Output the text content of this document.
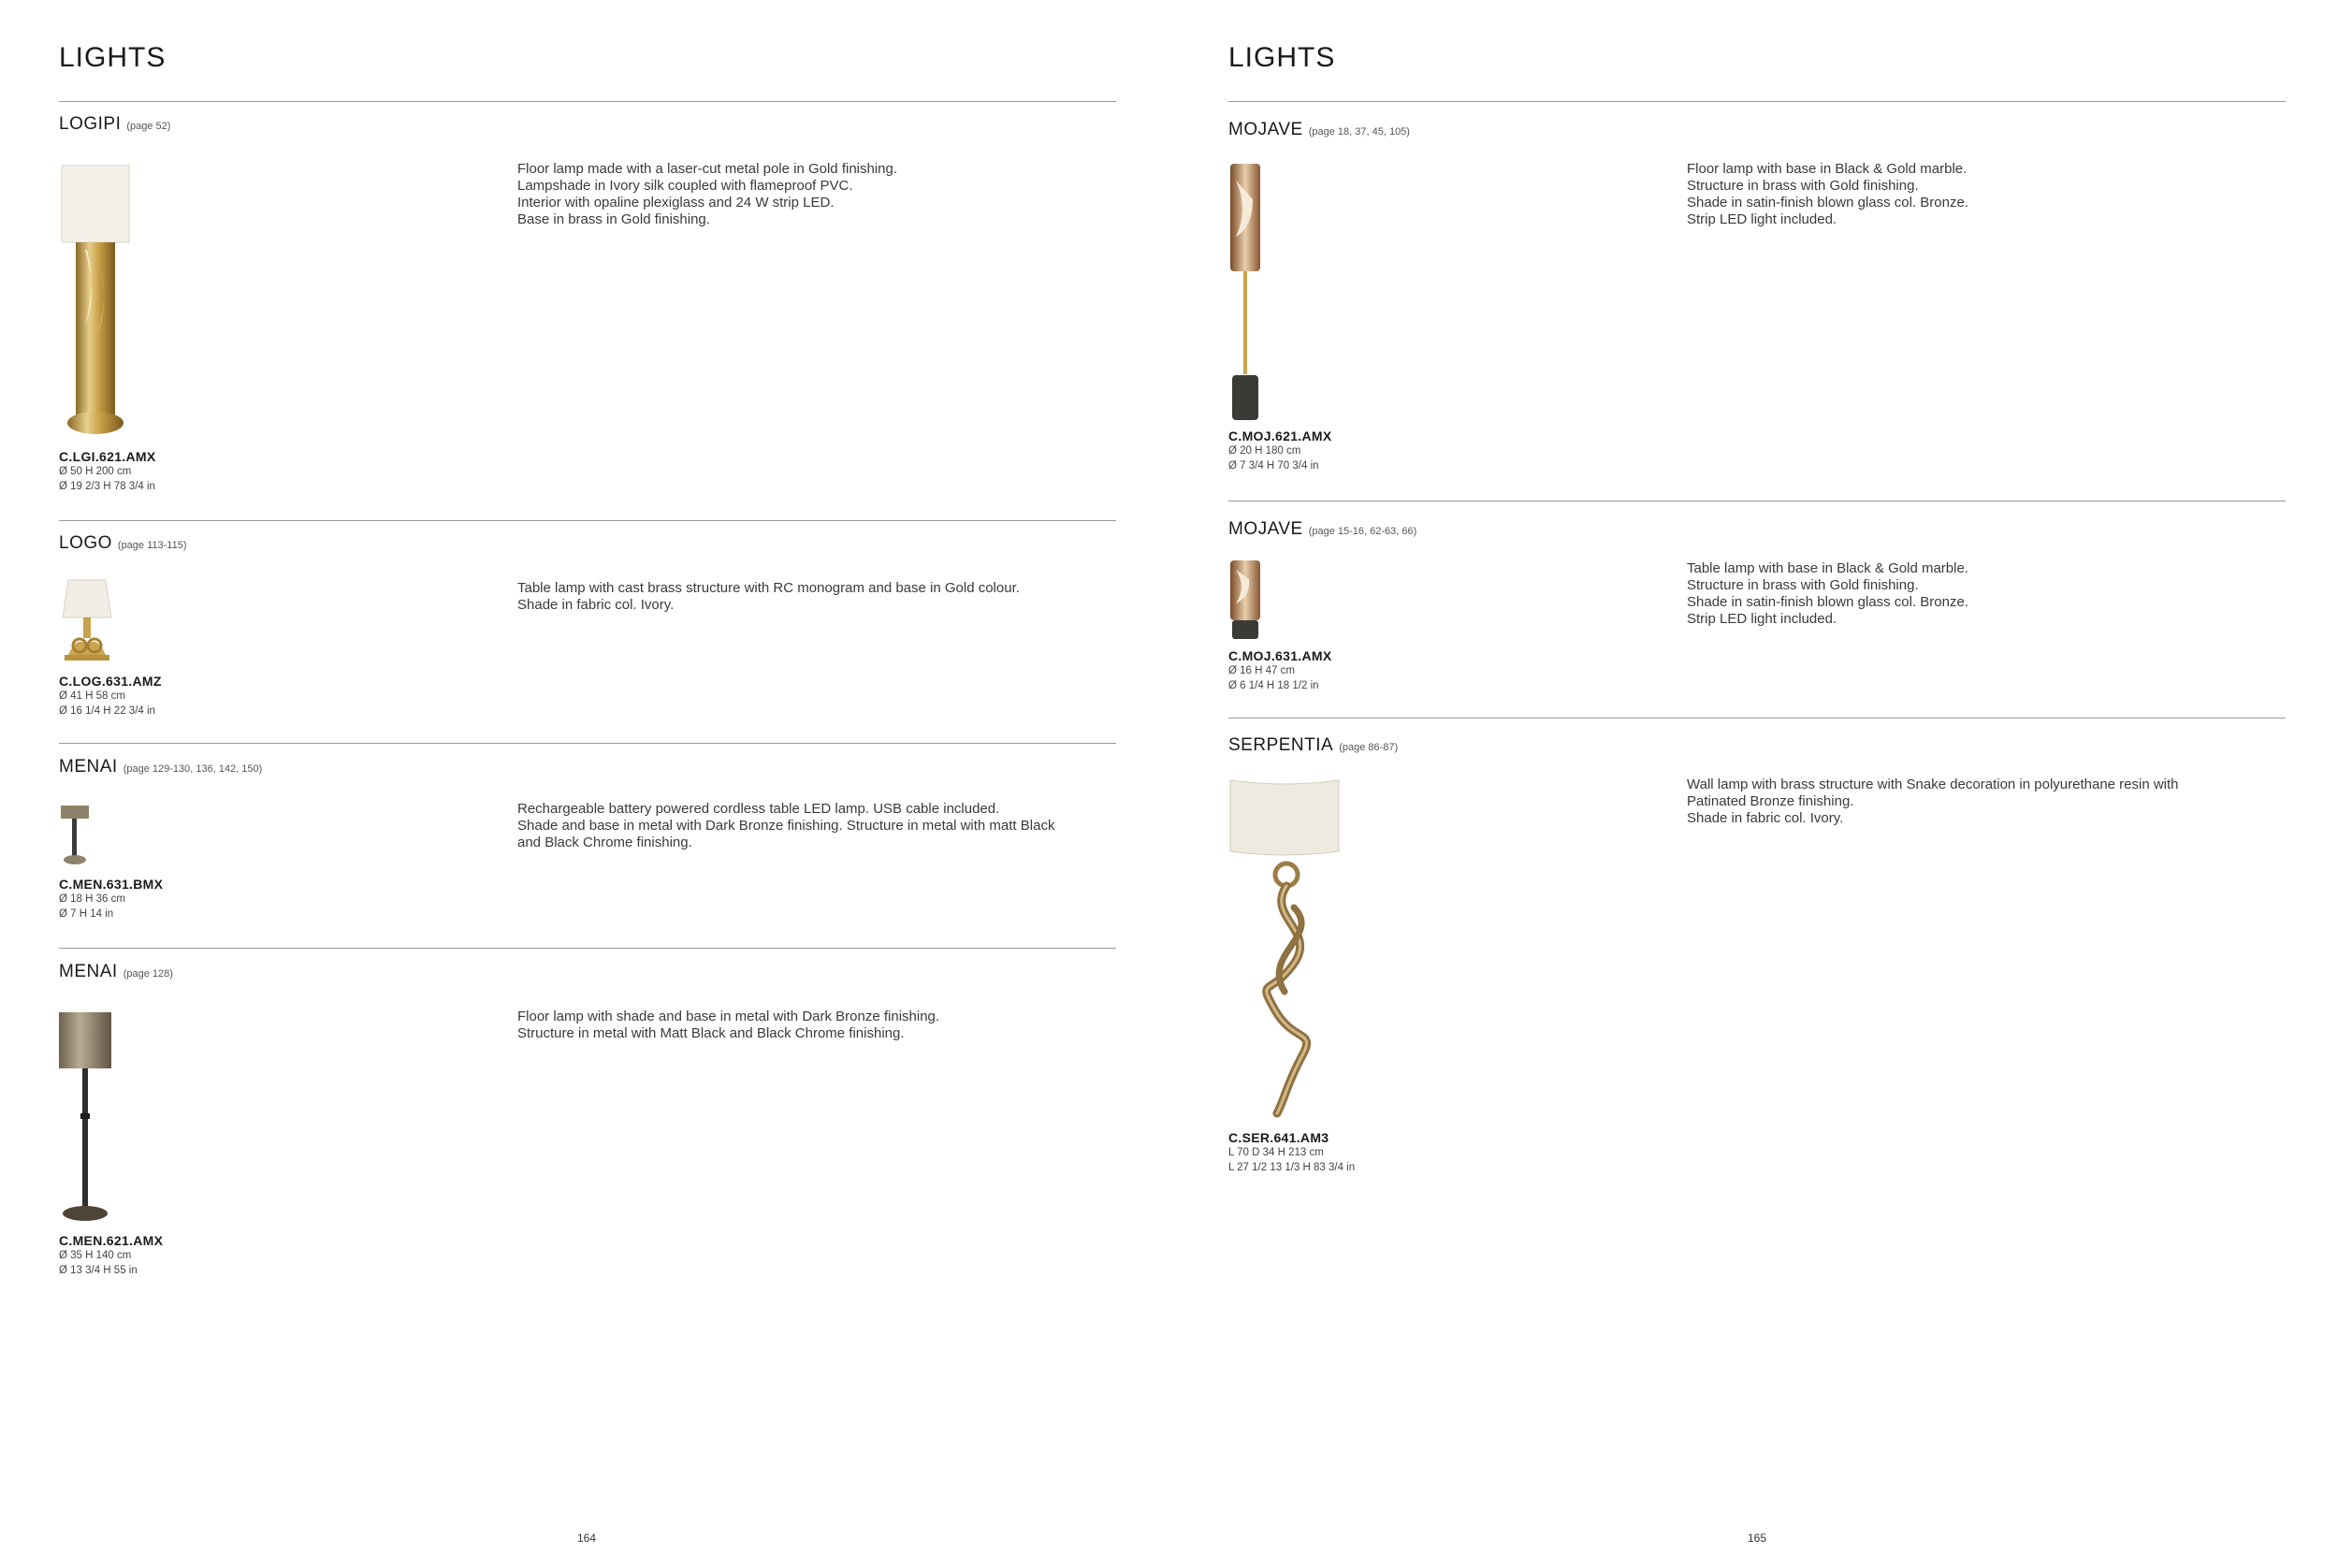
LIGHTS
LOGIPI (page 52)
Floor lamp made with a laser-cut metal pole in Gold finishing.
Lampshade in Ivory silk coupled with flameproof PVC.
Interior with opaline plexiglass and 24 W strip LED.
Base in brass in Gold finishing.
C.LGI.621.AMX
Ø 50 H 200 cm
Ø 19 2/3 H 78 3/4 in
LOGO (page 113-115)
Table lamp with cast brass structure with RC monogram and base in Gold colour.
Shade in fabric col. Ivory.
C.LOG.631.AMZ
Ø 41 H 58 cm
Ø 16 1/4 H 22 3/4 in
MENAI (page 129-130, 136, 142, 150)
Rechargeable battery powered cordless table LED lamp. USB cable included.
Shade and base in metal with Dark Bronze finishing. Structure in metal with matt Black
and Black Chrome finishing.
C.MEN.631.BMX
Ø 18 H 36 cm
Ø 7 H 14 in
MENAI (page 128)
Floor lamp with shade and base in metal with Dark Bronze finishing.
Structure in metal with Matt Black and Black Chrome finishing.
C.MEN.621.AMX
Ø 35 H 140 cm
Ø 13 3/4 H 55 in
164
LIGHTS
MOJAVE (page 18, 37, 45, 105)
Floor lamp with base in Black & Gold marble.
Structure in brass with Gold finishing.
Shade in satin-finish blown glass col. Bronze.
Strip LED light included.
C.MOJ.621.AMX
Ø 20 H 180 cm
Ø 7 3/4 H 70 3/4 in
MOJAVE (page 15-16, 62-63, 66)
Table lamp with base in Black & Gold marble.
Structure in brass with Gold finishing.
Shade in satin-finish blown glass col. Bronze.
Strip LED light included.
C.MOJ.631.AMX
Ø 16 H 47 cm
Ø 6 1/4 H 18 1/2 in
SERPENTIA (page 86-87)
Wall lamp with brass structure with Snake decoration in polyurethane resin with
Patinated Bronze finishing.
Shade in fabric col. Ivory.
C.SER.641.AM3
L 70 D 34 H 213 cm
L 27 1/2 13 1/3 H 83 3/4 in
165
